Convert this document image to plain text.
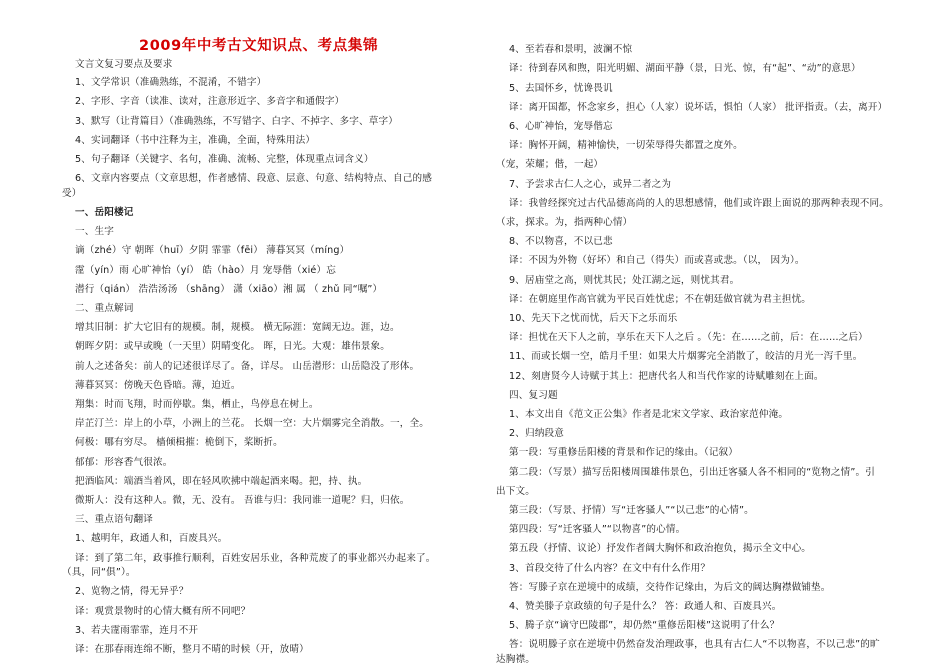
2009年中考古文知识点、考点集锦
文言文复习要点及要求
1、文学常识（准确熟练，不混淆，不错字）
2、字形、字音（读准、读对，注意形近字、多音字和通假字）
3、默写（让背篇目）（准确熟练，不写错字、白字、不掉字、多字、草字）
4、实词翻译（书中注释为主，准确，全面，特殊用法）
5、句子翻译（关键字、名句，准确、流畅、完整，体现重点词含义）
6、文章内容要点（文章思想，作者感情、段意、层意、句意、结构特点、自己的感
受）
一、岳阳楼记
一、生字
谪（zhé）守 朝晖（huī）夕阴 霏霏（fēi） 薄暮冥冥（míng）
霪（yín）雨 心旷神怡（yí） 皓（hào）月 宠辱偕（xié）忘
潜行（qián） 浩浩汤汤 （shāng） 潇（xiāo）湘 属 （ zhǔ 同“嘱”）
二、重点解词
增其旧制：扩大它旧有的规模。制，规模。 横无际涯：宽阔无边。涯，边。
朝晖夕阴：或早或晚（一天里）阴晴变化。 晖，日光。大观：雄伟景象。
前人之述备矣：前人的记述很详尽了。备，详尽。 山岳潜形：山岳隐没了形体。
薄暮冥冥：傍晚天色昏暗。薄，迫近。
翔集：时而飞翔，时而停歇。集，栖止，鸟停息在树上。
岸芷汀兰：岸上的小草，小洲上的兰花。 长烟一空：大片烟雾完全消散。一，全。
何极：哪有穷尽。 樯倾楫摧：桅倒下，桨断折。
郁郁：形容香气很浓。
把酒临风：端酒当着风，即在轻风吹拂中端起酒来喝。把，持、执。
微斯人：没有这种人。微，无、没有。 吾谁与归：我同谁一道呢？归，归依。
三、重点语句翻译
1、越明年，政通人和，百废具兴。
译：到了第二年，政事推行顺利，百姓安居乐业，各种荒废了的事业都兴办起来了。
（具，同“俱”）。
2、览物之情，得无异乎？
译：观赏景物时的心情大概有所不同吧？
3、若夫霪雨霏霏，连月不开
译：在那春雨连绵不断，整月不晴的时候（开，放晴）
4、至若春和景明，波澜不惊
译：待到春风和煦，阳光明媚、湖面平静（景，日光、惊，有“起”、“动”的意思）
5、去国怀乡，忧谗畏讥
译：离开国都，怀念家乡，担心（人家）说坏话，惧怕（人家） 批评指责。（去，离开）
6、心旷神怡，宠辱偕忘
译：胸怀开阔，精神愉快，一切荣辱得失都置之度外。
（宠，荣耀；偕，一起）
7、予尝求古仁人之心，或异二者之为
译：我曾经探究过古代品德高尚的人的思想感情，他们或许跟上面说的那两种表现不同。
（求，探求。为，指两种心情）
8、不以物喜，不以已悲
译：不因为外物（好坏）和自己（得失）而或喜或悲。（以， 因为）。
9、居庙堂之高，则忧其民；处江湖之远，则忧其君。
译：在朝庭里作高官就为平民百姓忧虑；不在朝廷做官就为君主担忧。
10、先天下之忧而忧，后天下之乐而乐
译：担忧在天下人之前，享乐在天下人之后 。（先：在……之前，后：在……之后）
11、而或长烟一空，皓月千里：如果大片烟雾完全消散了，皎洁的月光一泻千里。
12、刻唐贤今人诗赋于其上：把唐代名人和当代作家的诗赋雕刻在上面。
四、复习题
1、本文出自《范文正公集》作者是北宋文学家、政治家范仲淹。
2、归纳段意
第一段：写重修岳阳楼的背景和作记的缘由。（记叙）
第二段：（写景）描写岳阳楼周围雄伟景色，引出迁客骚人各不相同的“览物之情”。引
出下文。
第三段：（写景、抒情）写“迁客骚人”“以己悲”的心情”。
第四段：写“迁客骚人”“以物喜”的心情。
第五段（抒情、议论）抒发作者阔大胸怀和政治抱负，揭示全文中心。
3、首段交待了什么内容？在文中有什么作用？
答：写滕子京在逆境中的成绩，交待作记缘由，为后文的阔达胸襟做铺垫。
4、赞美滕子京政绩的句子是什么？ 答：政通人和、百废具兴。
5、腾子京“谪守巴陵郡”，却仍然“重修岳阳楼”这说明了什么？
答：说明滕子京在逆境中仍然奋发治理政事，也具有古仁人“不以物喜，不以己悲”的旷
达胸襟。
